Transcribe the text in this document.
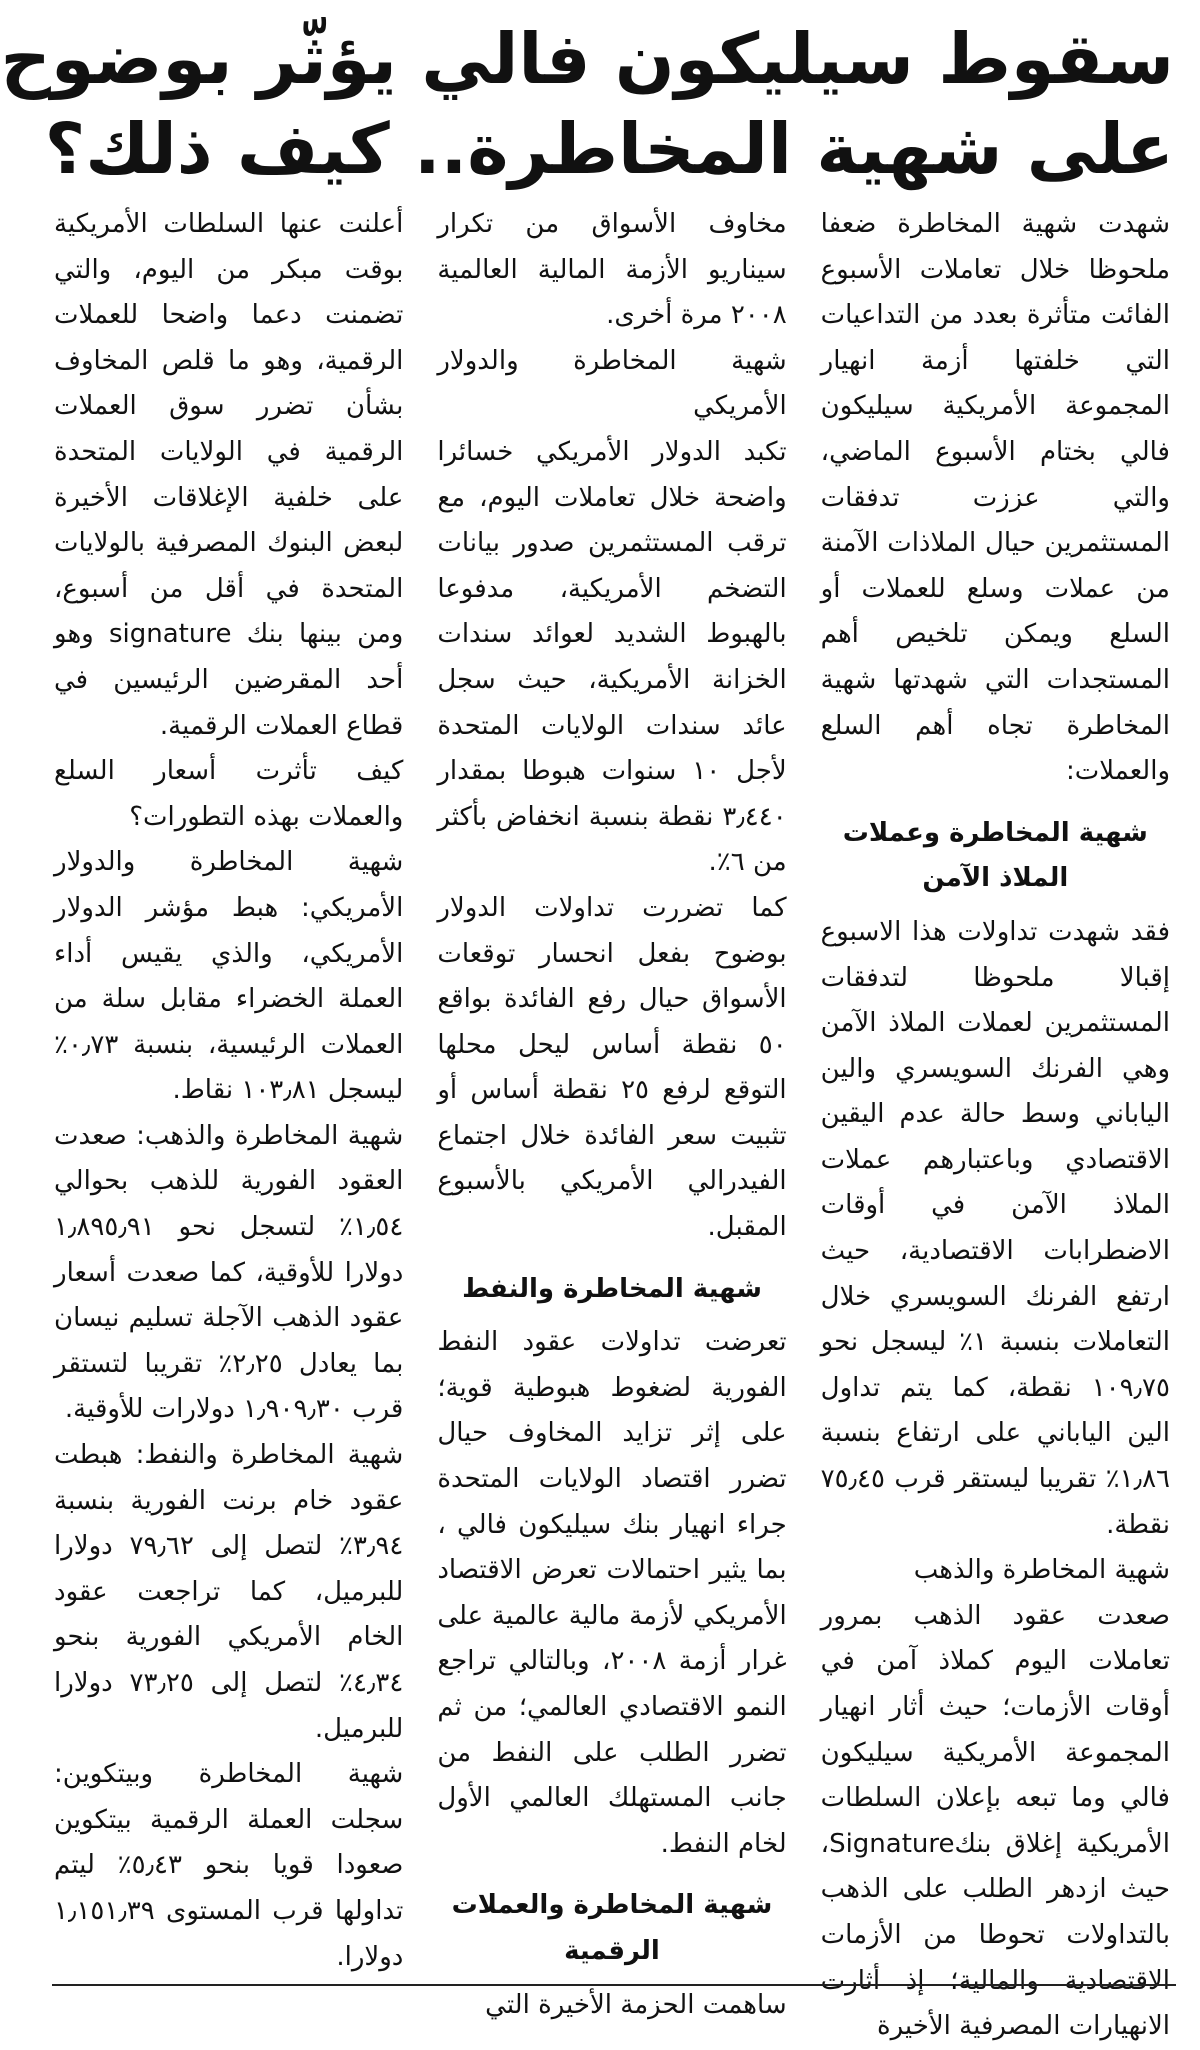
سقوط سيليكون فالي يؤثّر بوضوح
على شهية المخاطرة.. كيف ذلك؟

شهدت شهية المخاطرة ضعفا ملحوظا خلال تعاملات الأسبوع الفائت متأثرة بعدد من التداعيات التي خلفتها أزمة انهيار المجموعة الأمريكية سيليكون فالي بختام الأسبوع الماضي، والتي عززت تدفقات المستثمرين حيال الملاذات الآمنة من عملات وسلع للعملات أو السلع ويمكن تلخيص أهم المستجدات التي شهدتها شهية المخاطرة تجاه أهم السلع والعملات:

شهية المخاطرة وعملات الملاذ الآمن

فقد شهدت تداولات هذا الاسبوع إقبالا ملحوظا لتدفقات المستثمرين لعملات الملاذ الآمن وهي الفرنك السويسري والين الياباني وسط حالة عدم اليقين الاقتصادي وباعتبارهم عملات الملاذ الآمن في أوقات الاضطرابات الاقتصادية، حيث ارتفع الفرنك السويسري خلال التعاملات بنسبة ١٪ ليسجل نحو ١٠٩٫٧٥ نقطة، كما يتم تداول الين الياباني على ارتفاع بنسبة ١٫٨٦٪ تقريبا ليستقر قرب ٧٥٫٤٥ نقطة.

شهية المخاطرة والذهب

صعدت عقود الذهب بمرور تعاملات اليوم كملاذ آمن في أوقات الأزمات؛ حيث أثار انهيار المجموعة الأمريكية سيليكون فالي وما تبعه بإعلان السلطات الأمريكية إغلاق بنكSignature، حيث ازدهر الطلب على الذهب بالتداولات تحوطا من الأزمات الاقتصادية والمالية؛ إذ أثارت الانهيارات المصرفية الأخيرة

مخاوف الأسواق من تكرار سيناريو الأزمة المالية العالمية ٢٠٠٨ مرة أخرى.

شهية المخاطرة والدولار الأمريكي

تكبد الدولار الأمريكي خسائرا واضحة خلال تعاملات اليوم، مع ترقب المستثمرين صدور بيانات التضخم الأمريكية، مدفوعا بالهبوط الشديد لعوائد سندات الخزانة الأمريكية، حيث سجل عائد سندات الولايات المتحدة لأجل ١٠ سنوات هبوطا بمقدار ٣٫٤٤٠ نقطة بنسبة انخفاض بأكثر من ٦٪.

كما تضررت تداولات الدولار بوضوح بفعل انحسار توقعات الأسواق حيال رفع الفائدة بواقع ٥٠ نقطة أساس ليحل محلها التوقع لرفع ٢٥ نقطة أساس أو تثبيت سعر الفائدة خلال اجتماع الفيدرالي الأمريكي بالأسبوع المقبل.

شهية المخاطرة والنفط

تعرضت تداولات عقود النفط الفورية لضغوط هبوطية قوية؛ على إثر تزايد المخاوف حيال تضرر اقتصاد الولايات المتحدة جراء انهيار بنك سيليكون فالي ، بما يثير احتمالات تعرض الاقتصاد الأمريكي لأزمة مالية عالمية على غرار أزمة ٢٠٠٨، وبالتالي تراجع النمو الاقتصادي العالمي؛ من ثم تضرر الطلب على النفط من جانب المستهلك العالمي الأول لخام النفط.

شهية المخاطرة والعملات الرقمية

ساهمت الحزمة الأخيرة التي

أعلنت عنها السلطات الأمريكية بوقت مبكر من اليوم، والتي تضمنت دعما واضحا للعملات الرقمية، وهو ما قلص المخاوف بشأن تضرر سوق العملات الرقمية في الولايات المتحدة على خلفية الإغلاقات الأخيرة لبعض البنوك المصرفية بالولايات المتحدة في أقل من أسبوع، ومن بينها بنك signature وهو أحد المقرضين الرئيسين في قطاع العملات الرقمية.

كيف تأثرت أسعار السلع والعملات بهذه التطورات؟

شهية المخاطرة والدولار الأمريكي: هبط مؤشر الدولار الأمريكي، والذي يقيس أداء العملة الخضراء مقابل سلة من العملات الرئيسية، بنسبة ٠٫٧٣٪ ليسجل ١٠٣٫٨١ نقاط.

شهية المخاطرة والذهب: صعدت العقود الفورية للذهب بحوالي ١٫٥٤٪ لتسجل نحو ١٫٨٩٥٫٩١ دولارا للأوقية، كما صعدت أسعار عقود الذهب الآجلة تسليم نيسان بما يعادل ٢٫٢٥٪ تقريبا لتستقر قرب ١٫٩٠٩٫٣٠ دولارات للأوقية.

شهية المخاطرة والنفط: هبطت عقود خام برنت الفورية بنسبة ٣٫٩٤٪ لتصل إلى ٧٩٫٦٢ دولارا للبرميل، كما تراجعت عقود الخام الأمريكي الفورية بنحو ٤٫٣٤٪ لتصل إلى ٧٣٫٢٥ دولارا للبرميل.

شهية المخاطرة وبيتكوين: سجلت العملة الرقمية بيتكوين صعودا قويا بنحو ٥٫٤٣٪ ليتم تداولها قرب المستوى ١٫١٥١٫٣٩ دولارا.
